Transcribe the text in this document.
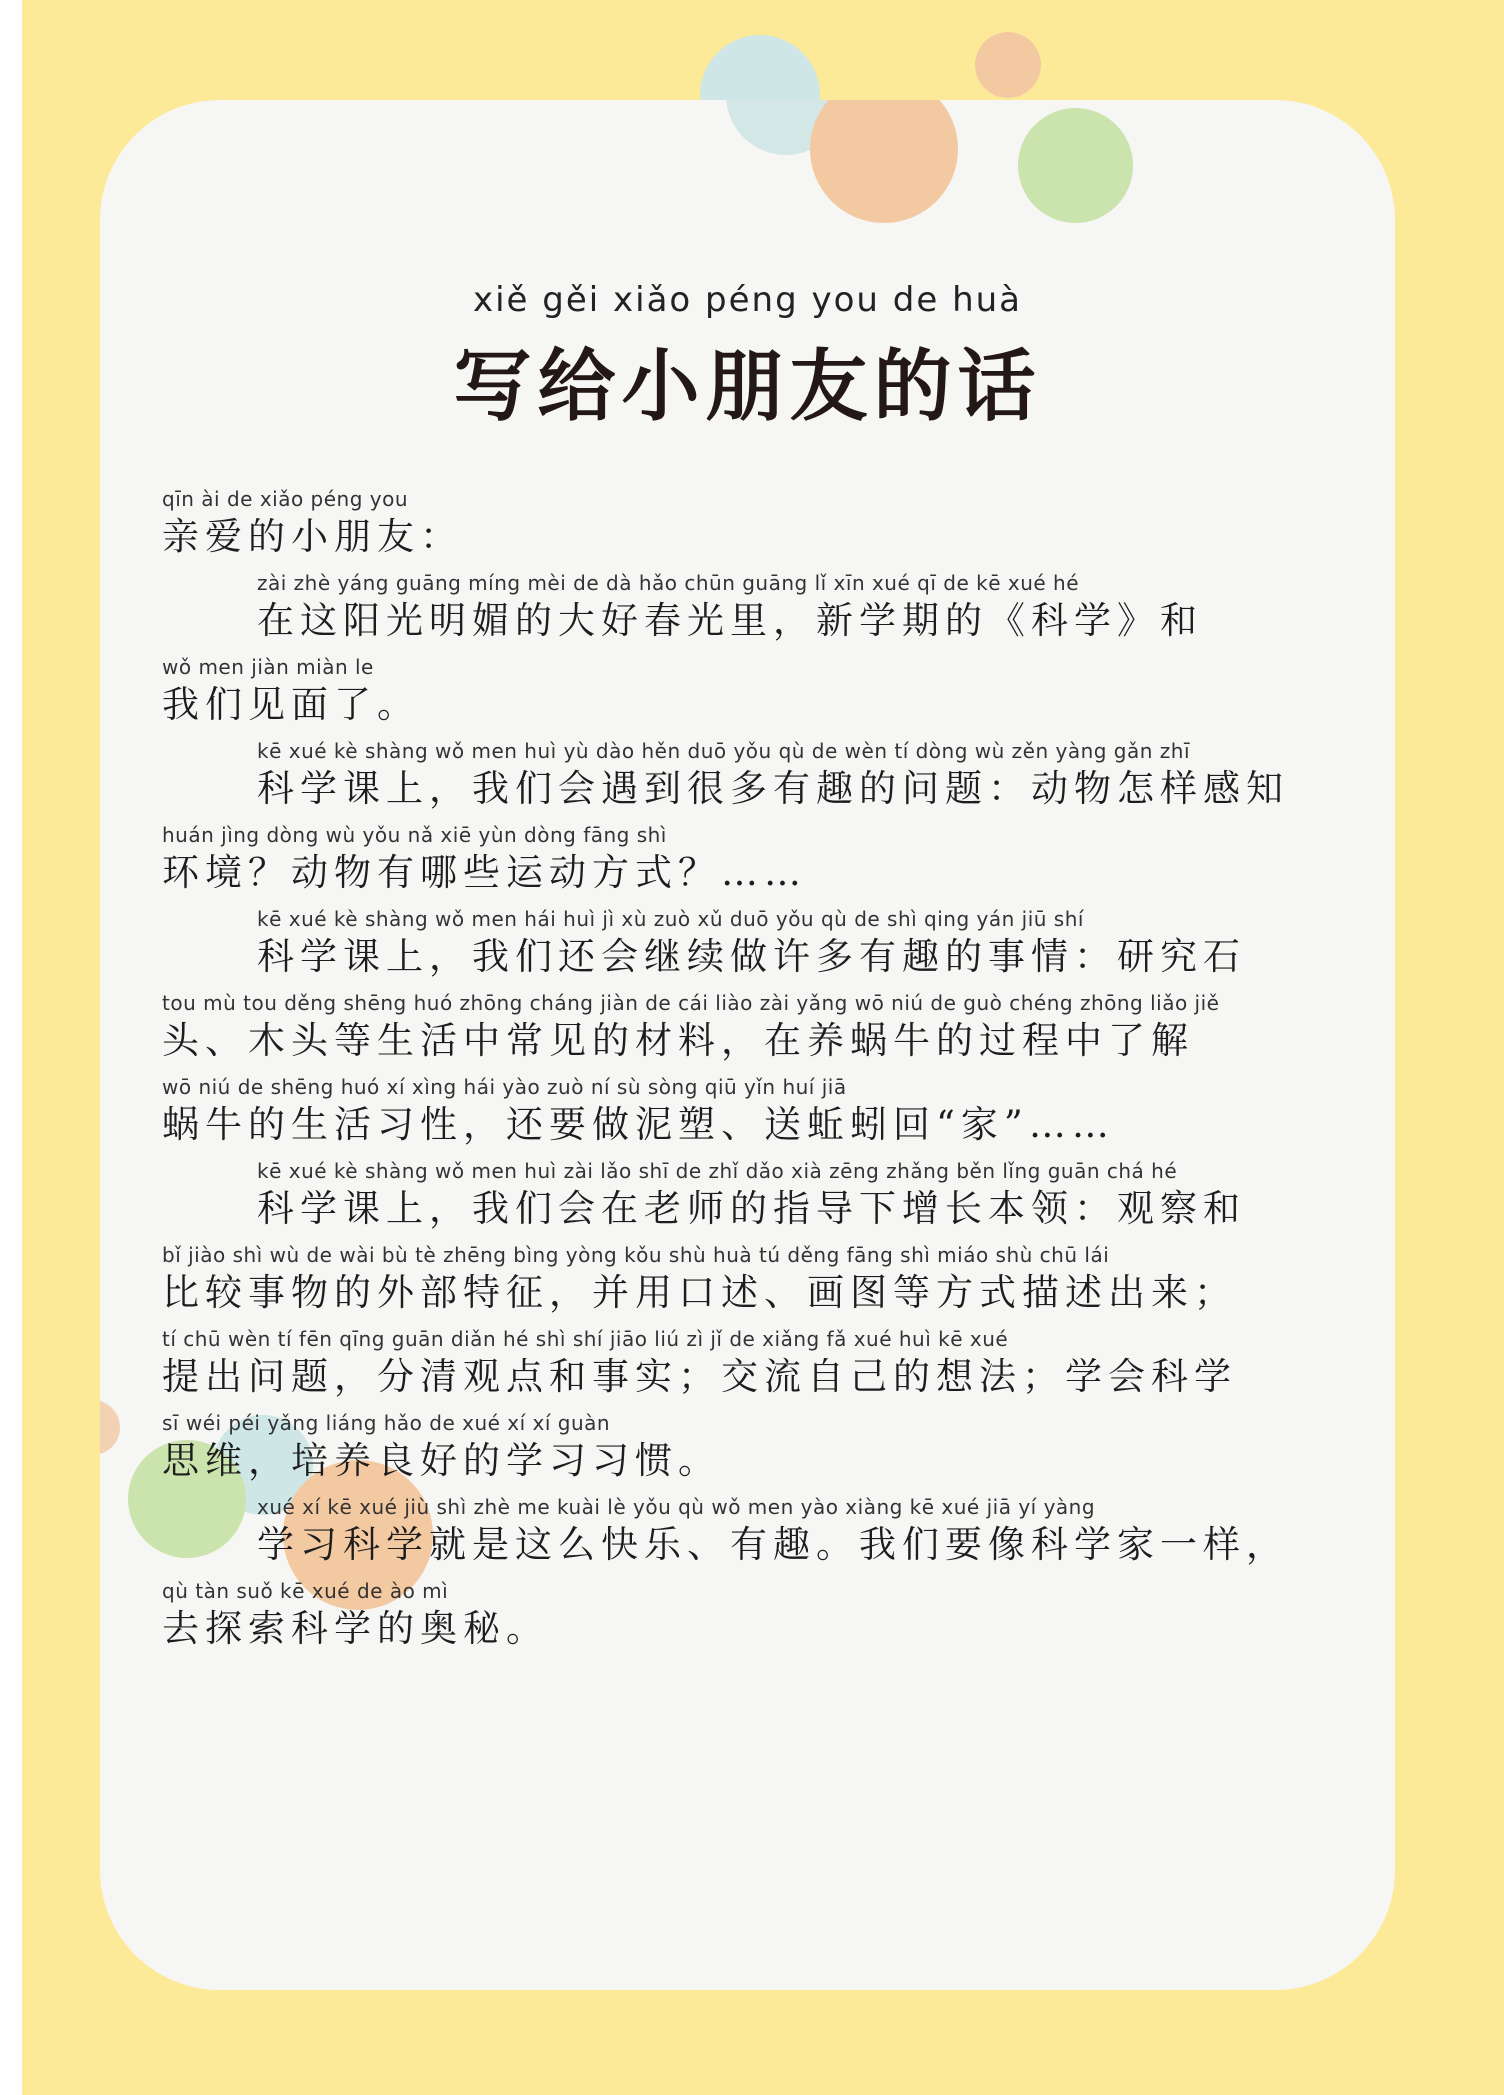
xiě gěi xiǎo péng you de huà
写给小朋友的话
qīn ài de xiǎo péng you
亲爱的小朋友：
zài zhè yáng guāng míng mèi de dà hǎo chūn guāng lǐ xīn xué qī de kē xué hé
在这阳光明媚的大好春光里，新学期的《科学》和
wǒ men jiàn miàn le
我们见面了。
kē xué kè shàng wǒ men huì yù dào hěn duō yǒu qù de wèn tí dòng wù zěn yàng gǎn zhī
科学课上，我们会遇到很多有趣的问题：动物怎样感知
huán jìng dòng wù yǒu nǎ xiē yùn dòng fāng shì
环境？动物有哪些运动方式？……
kē xué kè shàng wǒ men hái huì jì xù zuò xǔ duō yǒu qù de shì qing yán jiū shí
科学课上，我们还会继续做许多有趣的事情：研究石
tou mù tou děng shēng huó zhōng cháng jiàn de cái liào zài yǎng wō niú de guò chéng zhōng liǎo jiě
头、木头等生活中常见的材料，在养蜗牛的过程中了解
wō niú de shēng huó xí xìng hái yào zuò ní sù sòng qiū yǐn huí jiā
蜗牛的生活习性，还要做泥塑、送蚯蚓回“家”……
kē xué kè shàng wǒ men huì zài lǎo shī de zhǐ dǎo xià zēng zhǎng běn lǐng guān chá hé
科学课上，我们会在老师的指导下增长本领：观察和
bǐ jiào shì wù de wài bù tè zhēng bìng yòng kǒu shù huà tú děng fāng shì miáo shù chū lái
比较事物的外部特征，并用口述、画图等方式描述出来；
tí chū wèn tí fēn qīng guān diǎn hé shì shí jiāo liú zì jǐ de xiǎng fǎ xué huì kē xué
提出问题，分清观点和事实；交流自己的想法；学会科学
sī wéi péi yǎng liáng hǎo de xué xí xí guàn
思维，培养良好的学习习惯。
xué xí kē xué jiù shì zhè me kuài lè yǒu qù wǒ men yào xiàng kē xué jiā yí yàng
学习科学就是这么快乐、有趣。我们要像科学家一样，
qù tàn suǒ kē xué de ào mì
去探索科学的奥秘。
